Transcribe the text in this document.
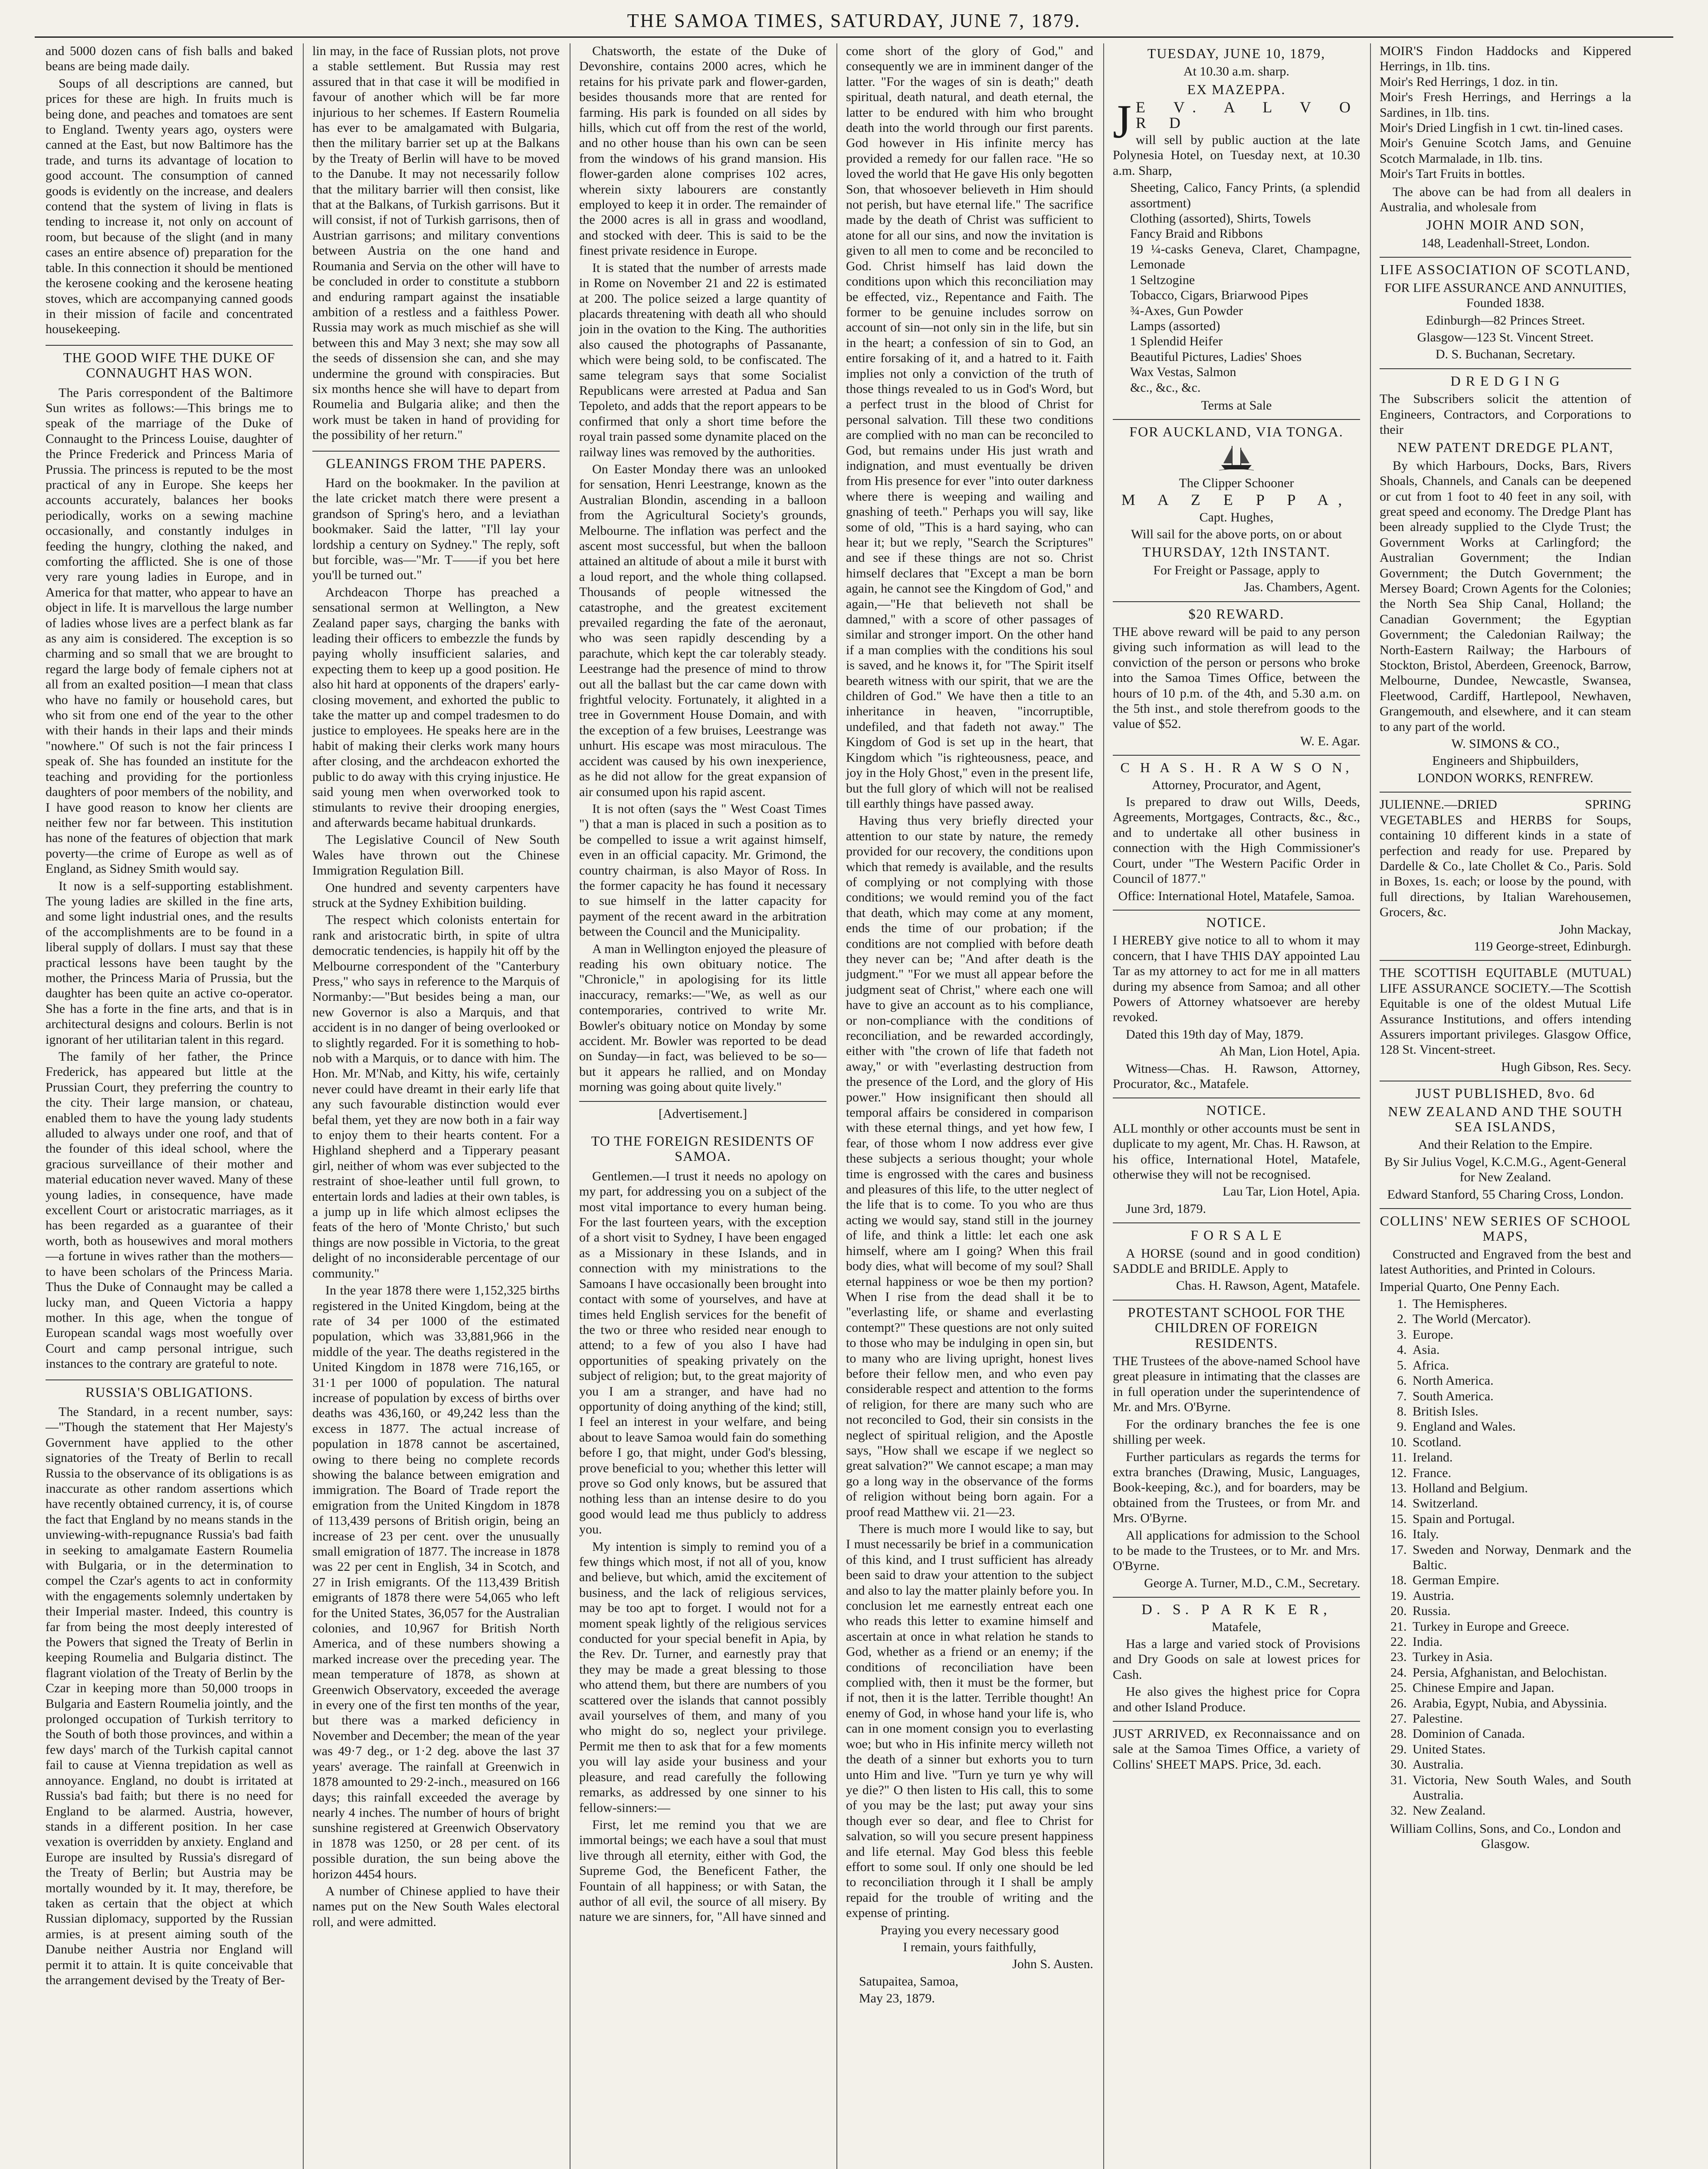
THE SAMOA TIMES, SATURDAY, JUNE 7, 1879.

and 5000 dozen cans of fish balls and baked beans are being made daily.

Soups of all descriptions are canned, but prices for these are high. In fruits much is being done, and peaches and tomatoes are sent to England. Twenty years ago, oysters were canned at the East, but now Baltimore has the trade, and turns its advantage of location to good account. The consumption of canned goods is evidently on the increase, and dealers contend that the system of living in flats is tending to increase it, not only on account of room, but because of the slight (and in many cases an entire absence of) preparation for the table. In this connection it should be mentioned the kerosene cooking and the kerosene heating stoves, which are accompanying canned goods in their mission of facile and concentrated housekeeping.

THE GOOD WIFE THE DUKE OF CONNAUGHT HAS WON.

The Paris correspondent of the Baltimore Sun writes as follows:—This brings me to speak of the marriage of the Duke of Connaught to the Princess Louise, daughter of the Prince Frederick and Princess Maria of Prussia. The princess is reputed to be the most practical of any in Europe. She keeps her accounts accurately, balances her books periodically, works on a sewing machine occasionally, and constantly indulges in feeding the hungry, clothing the naked, and comforting the afflicted. She is one of those very rare young ladies in Europe, and in America for that matter, who appear to have an object in life. It is marvellous the large number of ladies whose lives are a perfect blank as far as any aim is considered. The exception is so charming and so small that we are brought to regard the large body of female ciphers not at all from an exalted position—I mean that class who have no family or household cares, but who sit from one end of the year to the other with their hands in their laps and their minds "nowhere." Of such is not the fair princess I speak of. She has founded an institute for the teaching and providing for the portionless daughters of poor members of the nobility, and I have good reason to know her clients are neither few nor far between. This institution has none of the features of objection that mark poverty—the crime of Europe as well as of England, as Sidney Smith would say.

It now is a self-supporting establishment. The young ladies are skilled in the fine arts, and some light industrial ones, and the results of the accomplishments are to be found in a liberal supply of dollars. I must say that these practical lessons have been taught by the mother, the Princess Maria of Prussia, but the daughter has been quite an active co-operator. She has a forte in the fine arts, and that is in architectural designs and colours. Berlin is not ignorant of her utilitarian talent in this regard.

The family of her father, the Prince Frederick, has appeared but little at the Prussian Court, they preferring the country to the city. Their large mansion, or chateau, enabled them to have the young lady students alluded to always under one roof, and that of the founder of this ideal school, where the gracious surveillance of their mother and material education never waved. Many of these young ladies, in consequence, have made excellent Court or aristocratic marriages, as it has been regarded as a guarantee of their worth, both as housewives and moral mothers—a fortune in wives rather than the mothers—to have been scholars of the Princess Maria. Thus the Duke of Connaught may be called a lucky man, and Queen Victoria a happy mother. In this age, when the tongue of European scandal wags most woefully over Court and camp personal intrigue, such instances to the contrary are grateful to note.

RUSSIA'S OBLIGATIONS.

The Standard, in a recent number, says:—"Though the statement that Her Majesty's Government have applied to the other signatories of the Treaty of Berlin to recall Russia to the observance of its obligations is as inaccurate as other random assertions which have recently obtained currency, it is, of course the fact that England by no means stands in the unviewing-with-repugnance Russia's bad faith in seeking to amalgamate Eastern Roumelia with Bulgaria, or in the determination to compel the Czar's agents to act in conformity with the engagements solemnly undertaken by their Imperial master. Indeed, this country is far from being the most deeply interested of the Powers that signed the Treaty of Berlin in keeping Roumelia and Bulgaria distinct. The flagrant violation of the Treaty of Berlin by the Czar in keeping more than 50,000 troops in Bulgaria and Eastern Roumelia jointly, and the prolonged occupation of Turkish territory to the South of both those provinces, and within a few days' march of the Turkish capital cannot fail to cause at Vienna trepidation as well as annoyance. England, no doubt is irritated at Russia's bad faith; but there is no need for England to be alarmed. Austria, however, stands in a different position. In her case vexation is overridden by anxiety. England and Europe are insulted by Russia's disregard of the Treaty of Berlin; but Austria may be mortally wounded by it. It may, therefore, be taken as certain that the object at which Russian diplomacy, supported by the Russian armies, is at present aiming south of the Danube neither Austria nor England will permit it to attain. It is quite conceivable that the arrangement devised by the Treaty of Ber-

lin may, in the face of Russian plots, not prove a stable settlement. But Russia may rest assured that in that case it will be modified in favour of another which will be far more injurious to her schemes. If Eastern Roumelia has ever to be amalgamated with Bulgaria, then the military barrier set up at the Balkans by the Treaty of Berlin will have to be moved to the Danube. It may not necessarily follow that the military barrier will then consist, like that at the Balkans, of Turkish garrisons. But it will consist, if not of Turkish garrisons, then of Austrian garrisons; and military conventions between Austria on the one hand and Roumania and Servia on the other will have to be concluded in order to constitute a stubborn and enduring rampart against the insatiable ambition of a restless and a faithless Power. Russia may work as much mischief as she will between this and May 3 next; she may sow all the seeds of dissension she can, and she may undermine the ground with conspiracies. But six months hence she will have to depart from Roumelia and Bulgaria alike; and then the work must be taken in hand of providing for the possibility of her return."

GLEANINGS FROM THE PAPERS.

Hard on the bookmaker. In the pavilion at the late cricket match there were present a grandson of Spring's hero, and a leviathan bookmaker. Said the latter, "I'll lay your lordship a century on Sydney." The reply, soft but forcible, was—"Mr. T——if you bet here you'll be turned out."

Archdeacon Thorpe has preached a sensational sermon at Wellington, a New Zealand paper says, charging the banks with leading their officers to embezzle the funds by paying wholly insufficient salaries, and expecting them to keep up a good position. He also hit hard at opponents of the drapers' early-closing movement, and exhorted the public to take the matter up and compel tradesmen to do justice to employees. He speaks here are in the habit of making their clerks work many hours after closing, and the archdeacon exhorted the public to do away with this crying injustice. He said young men when overworked took to stimulants to revive their drooping energies, and afterwards became habitual drunkards.

The Legislative Council of New South Wales have thrown out the Chinese Immigration Regulation Bill.

One hundred and seventy carpenters have struck at the Sydney Exhibition building.

The respect which colonists entertain for rank and aristocratic birth, in spite of ultra democratic tendencies, is happily hit off by the Melbourne correspondent of the "Canterbury Press," who says in reference to the Marquis of Normanby:—"But besides being a man, our new Governor is also a Marquis, and that accident is in no danger of being overlooked or to slightly regarded. For it is something to hob-nob with a Marquis, or to dance with him. The Hon. Mr. M'Nab, and Kitty, his wife, certainly never could have dreamt in their early life that any such favourable distinction would ever befal them, yet they are now both in a fair way to enjoy them to their hearts content. For a Highland shepherd and a Tipperary peasant girl, neither of whom was ever subjected to the restraint of shoe-leather until full grown, to entertain lords and ladies at their own tables, is a jump up in life which almost eclipses the feats of the hero of 'Monte Christo,' but such things are now possible in Victoria, to the great delight of no inconsiderable percentage of our community."

In the year 1878 there were 1,152,325 births registered in the United Kingdom, being at the rate of 34 per 1000 of the estimated population, which was 33,881,966 in the middle of the year. The deaths registered in the United Kingdom in 1878 were 716,165, or 31·1 per 1000 of population. The natural increase of population by excess of births over deaths was 436,160, or 49,242 less than the excess in 1877. The actual increase of population in 1878 cannot be ascertained, owing to there being no complete records showing the balance between emigration and immigration. The Board of Trade report the emigration from the United Kingdom in 1878 of 113,439 persons of British origin, being an increase of 23 per cent. over the unusually small emigration of 1877. The increase in 1878 was 22 per cent in English, 34 in Scotch, and 27 in Irish emigrants. Of the 113,439 British emigrants of 1878 there were 54,065 who left for the United States, 36,057 for the Australian colonies, and 10,967 for British North America, and of these numbers showing a marked increase over the preceding year. The mean temperature of 1878, as shown at Greenwich Observatory, exceeded the average in every one of the first ten months of the year, but there was a marked deficiency in November and December; the mean of the year was 49·7 deg., or 1·2 deg. above the last 37 years' average. The rainfall at Greenwich in 1878 amounted to 29·2-inch., measured on 166 days; this rainfall exceeded the average by nearly 4 inches. The number of hours of bright sunshine registered at Greenwich Observatory in 1878 was 1250, or 28 per cent. of its possible duration, the sun being above the horizon 4454 hours.

A number of Chinese applied to have their names put on the New South Wales electoral roll, and were admitted.

Chatsworth, the estate of the Duke of Devonshire, contains 2000 acres, which he retains for his private park and flower-garden, besides thousands more that are rented for farming. His park is founded on all sides by hills, which cut off from the rest of the world, and no other house than his own can be seen from the windows of his grand mansion. His flower-garden alone comprises 102 acres, wherein sixty labourers are constantly employed to keep it in order. The remainder of the 2000 acres is all in grass and woodland, and stocked with deer. This is said to be the finest private residence in Europe.

It is stated that the number of arrests made in Rome on November 21 and 22 is estimated at 200. The police seized a large quantity of placards threatening with death all who should join in the ovation to the King. The authorities also caused the photographs of Passanante, which were being sold, to be confiscated. The same telegram says that some Socialist Republicans were arrested at Padua and San Tepoleto, and adds that the report appears to be confirmed that only a short time before the royal train passed some dynamite placed on the railway lines was removed by the authorities.

On Easter Monday there was an unlooked for sensation, Henri Leestrange, known as the Australian Blondin, ascending in a balloon from the Agricultural Society's grounds, Melbourne. The inflation was perfect and the ascent most successful, but when the balloon attained an altitude of about a mile it burst with a loud report, and the whole thing collapsed. Thousands of people witnessed the catastrophe, and the greatest excitement prevailed regarding the fate of the aeronaut, who was seen rapidly descending by a parachute, which kept the car tolerably steady. Leestrange had the presence of mind to throw out all the ballast but the car came down with frightful velocity. Fortunately, it alighted in a tree in Government House Domain, and with the exception of a few bruises, Leestrange was unhurt. His escape was most miraculous. The accident was caused by his own inexperience, as he did not allow for the great expansion of air consumed upon his rapid ascent.

It is not often (says the " West Coast Times ") that a man is placed in such a position as to be compelled to issue a writ against himself, even in an official capacity. Mr. Grimond, the country chairman, is also Mayor of Ross. In the former capacity he has found it necessary to sue himself in the latter capacity for payment of the recent award in the arbitration between the Council and the Municipality.

A man in Wellington enjoyed the pleasure of reading his own obituary notice. The "Chronicle," in apologising for its little inaccuracy, remarks:—"We, as well as our contemporaries, contrived to write Mr. Bowler's obituary notice on Monday by some accident. Mr. Bowler was reported to be dead on Sunday—in fact, was believed to be so—but it appears he rallied, and on Monday morning was going about quite lively."

[Advertisement.]

TO THE FOREIGN RESIDENTS OF SAMOA.

Gentlemen.—I trust it needs no apology on my part, for addressing you on a subject of the most vital importance to every human being. For the last fourteen years, with the exception of a short visit to Sydney, I have been engaged as a Missionary in these Islands, and in connection with my ministrations to the Samoans I have occasionally been brought into contact with some of yourselves, and have at times held English services for the benefit of the two or three who resided near enough to attend; to a few of you also I have had opportunities of speaking privately on the subject of religion; but, to the great majority of you I am a stranger, and have had no opportunity of doing anything of the kind; still, I feel an interest in your welfare, and being about to leave Samoa would fain do something before I go, that might, under God's blessing, prove beneficial to you; whether this letter will prove so God only knows, but be assured that nothing less than an intense desire to do you good would lead me thus publicly to address you.

My intention is simply to remind you of a few things which most, if not all of you, know and believe, but which, amid the excitement of business, and the lack of religious services, may be too apt to forget. I would not for a moment speak lightly of the religious services conducted for your special benefit in Apia, by the Rev. Dr. Turner, and earnestly pray that they may be made a great blessing to those who attend them, but there are numbers of you scattered over the islands that cannot possibly avail yourselves of them, and many of you who might do so, neglect your privilege. Permit me then to ask that for a few moments you will lay aside your business and your pleasure, and read carefully the following remarks, as addressed by one sinner to his fellow-sinners:—

First, let me remind you that we are immortal beings; we each have a soul that must live through all eternity, either with God, the Supreme God, the Beneficent Father, the Fountain of all happiness; or with Satan, the author of all evil, the source of all misery. By nature we are sinners, for, "All have sinned and

come short of the glory of God," and consequently we are in imminent danger of the latter. "For the wages of sin is death;" death spiritual, death natural, and death eternal, the latter to be endured with him who brought death into the world through our first parents. God however in His infinite mercy has provided a remedy for our fallen race. "He so loved the world that He gave His only begotten Son, that whosoever believeth in Him should not perish, but have eternal life." The sacrifice made by the death of Christ was sufficient to atone for all our sins, and now the invitation is given to all men to come and be reconciled to God. Christ himself has laid down the conditions upon which this reconciliation may be effected, viz., Repentance and Faith. The former to be genuine includes sorrow on account of sin—not only sin in the life, but sin in the heart; a confession of sin to God, an entire forsaking of it, and a hatred to it. Faith implies not only a conviction of the truth of those things revealed to us in God's Word, but a perfect trust in the blood of Christ for personal salvation. Till these two conditions are complied with no man can be reconciled to God, but remains under His just wrath and indignation, and must eventually be driven from His presence for ever "into outer darkness where there is weeping and wailing and gnashing of teeth." Perhaps you will say, like some of old, "This is a hard saying, who can hear it; but we reply, "Search the Scriptures" and see if these things are not so. Christ himself declares that "Except a man be born again, he cannot see the Kingdom of God," and again,—"He that believeth not shall be damned," with a score of other passages of similar and stronger import. On the other hand if a man complies with the conditions his soul is saved, and he knows it, for "The Spirit itself beareth witness with our spirit, that we are the children of God." We have then a title to an inheritance in heaven, "incorruptible, undefiled, and that fadeth not away." The Kingdom of God is set up in the heart, that Kingdom which "is righteousness, peace, and joy in the Holy Ghost," even in the present life, but the full glory of which will not be realised till earthly things have passed away.

Having thus very briefly directed your attention to our state by nature, the remedy provided for our recovery, the conditions upon which that remedy is available, and the results of complying or not complying with those conditions; we would remind you of the fact that death, which may come at any moment, ends the time of our probation; if the conditions are not complied with before death they never can be; "And after death is the judgment." "For we must all appear before the judgment seat of Christ," where each one will have to give an account as to his compliance, or non-compliance with the conditions of reconciliation, and be rewarded accordingly, either with "the crown of life that fadeth not away," or with "everlasting destruction from the presence of the Lord, and the glory of His power." How insignificant then should all temporal affairs be considered in comparison with these eternal things, and yet how few, I fear, of those whom I now address ever give these subjects a serious thought; your whole time is engrossed with the cares and business and pleasures of this life, to the utter neglect of the life that is to come. To you who are thus acting we would say, stand still in the journey of life, and think a little: let each one ask himself, where am I going? When this frail body dies, what will become of my soul? Shall eternal happiness or woe be then my portion? When I rise from the dead shall it be to "everlasting life, or shame and everlasting contempt?" These questions are not only suited to those who may be indulging in open sin, but to many who are living upright, honest lives before their fellow men, and who even pay considerable respect and attention to the forms of religion, for there are many such who are not reconciled to God, their sin consists in the neglect of spiritual religion, and the Apostle says, "How shall we escape if we neglect so great salvation?" We cannot escape; a man may go a long way in the observance of the forms of religion without being born again. For a proof read Matthew vii. 21—23.

There is much more I would like to say, but I must necessarily be brief in a communication of this kind, and I trust sufficient has already been said to draw your attention to the subject and also to lay the matter plainly before you. In conclusion let me earnestly entreat each one who reads this letter to examine himself and ascertain at once in what relation he stands to God, whether as a friend or an enemy; if the conditions of reconciliation have been complied with, then it must be the former, but if not, then it is the latter. Terrible thought! An enemy of God, in whose hand your life is, who can in one moment consign you to everlasting woe; but who in His infinite mercy willeth not the death of a sinner but exhorts you to turn unto Him and live. "Turn ye turn ye why will ye die?" O then listen to His call, this to some of you may be the last; put away your sins though ever so dear, and flee to Christ for salvation, so will you secure present happiness and life eternal. May God bless this feeble effort to some soul. If only one should be led to reconciliation through it I shall be amply repaid for the trouble of writing and the expense of printing.

Praying you every necessary good

I remain, yours faithfully,

John S. Austen.

Satupaitea, Samoa,

May 23, 1879.

TUESDAY, JUNE 10, 1879,

At 10.30 a.m. sharp.

EX MAZEPPA.
J E V. A L V O R D

will sell by public auction at the late Polynesia Hotel, on Tuesday next, at 10.30 a.m. Sharp,

Sheeting, Calico, Fancy Prints, (a splendid assortment)
Clothing (assorted), Shirts, Towels
Fancy Braid and Ribbons
19 ¼-casks Geneva, Claret, Champagne, Lemonade
1 Seltzogine
Tobacco, Cigars, Briarwood Pipes
¾-Axes, Gun Powder
Lamps (assorted)
1 Splendid Heifer
Beautiful Pictures, Ladies' Shoes
Wax Vestas, Salmon
&c., &c., &c.

Terms at Sale

FOR AUCKLAND, VIA TONGA.

The Clipper Schooner

M A Z E P P A,

Capt. Hughes,

Will sail for the above ports, on or about

THURSDAY, 12th INSTANT.

For Freight or Passage, apply to

Jas. Chambers, Agent.

$20 REWARD.

THE above reward will be paid to any person giving such information as will lead to the conviction of the person or persons who broke into the Samoa Times Office, between the hours of 10 p.m. of the 4th, and 5.30 a.m. on the 5th inst., and stole therefrom goods to the value of $52.

W. E. Agar.

C H A S. H. R A W S O N,

Attorney, Procurator, and Agent,

Is prepared to draw out Wills, Deeds, Agreements, Mortgages, Contracts, &c., &c., and to undertake all other business in connection with the High Commissioner's Court, under "The Western Pacific Order in Council of 1877."

Office: International Hotel, Matafele, Samoa.

NOTICE.

I HEREBY give notice to all to whom it may concern, that I have THIS DAY appointed Lau Tar as my attorney to act for me in all matters during my absence from Samoa; and all other Powers of Attorney whatsoever are hereby revoked.

Dated this 19th day of May, 1879.

Ah Man, Lion Hotel, Apia.

Witness—Chas. H. Rawson, Attorney, Procurator, &c., Matafele.

NOTICE.

ALL monthly or other accounts must be sent in duplicate to my agent, Mr. Chas. H. Rawson, at his office, International Hotel, Matafele, otherwise they will not be recognised.

Lau Tar, Lion Hotel, Apia.

June 3rd, 1879.

F O R S A L E

A HORSE (sound and in good condition) SADDLE and BRIDLE. Apply to

Chas. H. Rawson, Agent, Matafele.

PROTESTANT SCHOOL FOR THE CHILDREN OF FOREIGN RESIDENTS.

THE Trustees of the above-named School have great pleasure in intimating that the classes are in full operation under the superintendence of Mr. and Mrs. O'Byrne.

For the ordinary branches the fee is one shilling per week.

Further particulars as regards the terms for extra branches (Drawing, Music, Languages, Book-keeping, &c.), and for boarders, may be obtained from the Trustees, or from Mr. and Mrs. O'Byrne.

All applications for admission to the School to be made to the Trustees, or to Mr. and Mrs. O'Byrne.

George A. Turner, M.D., C.M., Secretary.

D. S. P A R K E R,

Matafele,

Has a large and varied stock of Provisions and Dry Goods on sale at lowest prices for Cash.

He also gives the highest price for Copra and other Island Produce.

JUST ARRIVED, ex Reconnaissance and on sale at the Samoa Times Office, a variety of Collins' SHEET MAPS. Price, 3d. each.

MOIR'S Findon Haddocks and Kippered Herrings, in 1lb. tins.
Moir's Red Herrings, 1 doz. in tin.
Moir's Fresh Herrings, and Herrings a la Sardines, in 1lb. tins.
Moir's Dried Lingfish in 1 cwt. tin-lined cases.
Moir's Genuine Scotch Jams, and Genuine Scotch Marmalade, in 1lb. tins.
Moir's Tart Fruits in bottles.

The above can be had from all dealers in Australia, and wholesale from

JOHN MOIR AND SON,

148, Leadenhall-Street, London.

LIFE ASSOCIATION OF SCOTLAND,

FOR LIFE ASSURANCE AND ANNUITIES, Founded 1838.

Edinburgh—82 Princes Street.

Glasgow—123 St. Vincent Street.

D. S. Buchanan, Secretary.

D R E D G I N G

The Subscribers solicit the attention of Engineers, Contractors, and Corporations to their

NEW PATENT DREDGE PLANT,

By which Harbours, Docks, Bars, Rivers Shoals, Channels, and Canals can be deepened or cut from 1 foot to 40 feet in any soil, with great speed and economy. The Dredge Plant has been already supplied to the Clyde Trust; the Government Works at Carlingford; the Australian Government; the Indian Government; the Dutch Government; the Mersey Board; Crown Agents for the Colonies; the North Sea Ship Canal, Holland; the Canadian Government; the Egyptian Government; the Caledonian Railway; the North-Eastern Railway; the Harbours of Stockton, Bristol, Aberdeen, Greenock, Barrow, Melbourne, Dundee, Newcastle, Swansea, Fleetwood, Cardiff, Hartlepool, Newhaven, Grangemouth, and elsewhere, and it can steam to any part of the world.

W. SIMONS & CO.,

Engineers and Shipbuilders,

LONDON WORKS, RENFREW.

JULIENNE.—DRIED SPRING VEGETABLES and HERBS for Soups, containing 10 different kinds in a state of perfection and ready for use. Prepared by Dardelle & Co., late Chollet & Co., Paris. Sold in Boxes, 1s. each; or loose by the pound, with full directions, by Italian Warehousemen, Grocers, &c.

John Mackay,

119 George-street, Edinburgh.

THE SCOTTISH EQUITABLE (MUTUAL) LIFE ASSURANCE SOCIETY.—The Scottish Equitable is one of the oldest Mutual Life Assurance Institutions, and offers intending Assurers important privileges. Glasgow Office, 128 St. Vincent-street.

Hugh Gibson, Res. Secy.

JUST PUBLISHED, 8vo. 6d
NEW ZEALAND AND THE SOUTH SEA ISLANDS,

And their Relation to the Empire.

By Sir Julius Vogel, K.C.M.G., Agent-General for New Zealand.

Edward Stanford, 55 Charing Cross, London.

COLLINS' NEW SERIES OF SCHOOL MAPS,

Constructed and Engraved from the best and latest Authorities, and Printed in Colours.

Imperial Quarto, One Penny Each.

1. The Hemispheres.
2. The World (Mercator).
3. Europe.
4. Asia.
5. Africa.
6. North America.
7. South America.
8. British Isles.
9. England and Wales.
10. Scotland.
11. Ireland.
12. France.
13. Holland and Belgium.
14. Switzerland.
15. Spain and Portugal.
16. Italy.
17. Sweden and Norway, Denmark and the Baltic.
18. German Empire.
19. Austria.
20. Russia.
21. Turkey in Europe and Greece.
22. India.
23. Turkey in Asia.
24. Persia, Afghanistan, and Belochistan.
25. Chinese Empire and Japan.
26. Arabia, Egypt, Nubia, and Abyssinia.
27. Palestine.
28. Dominion of Canada.
29. United States.
30. Australia.
31. Victoria, New South Wales, and South Australia.
32. New Zealand.

William Collins, Sons, and Co., London and Glasgow.
